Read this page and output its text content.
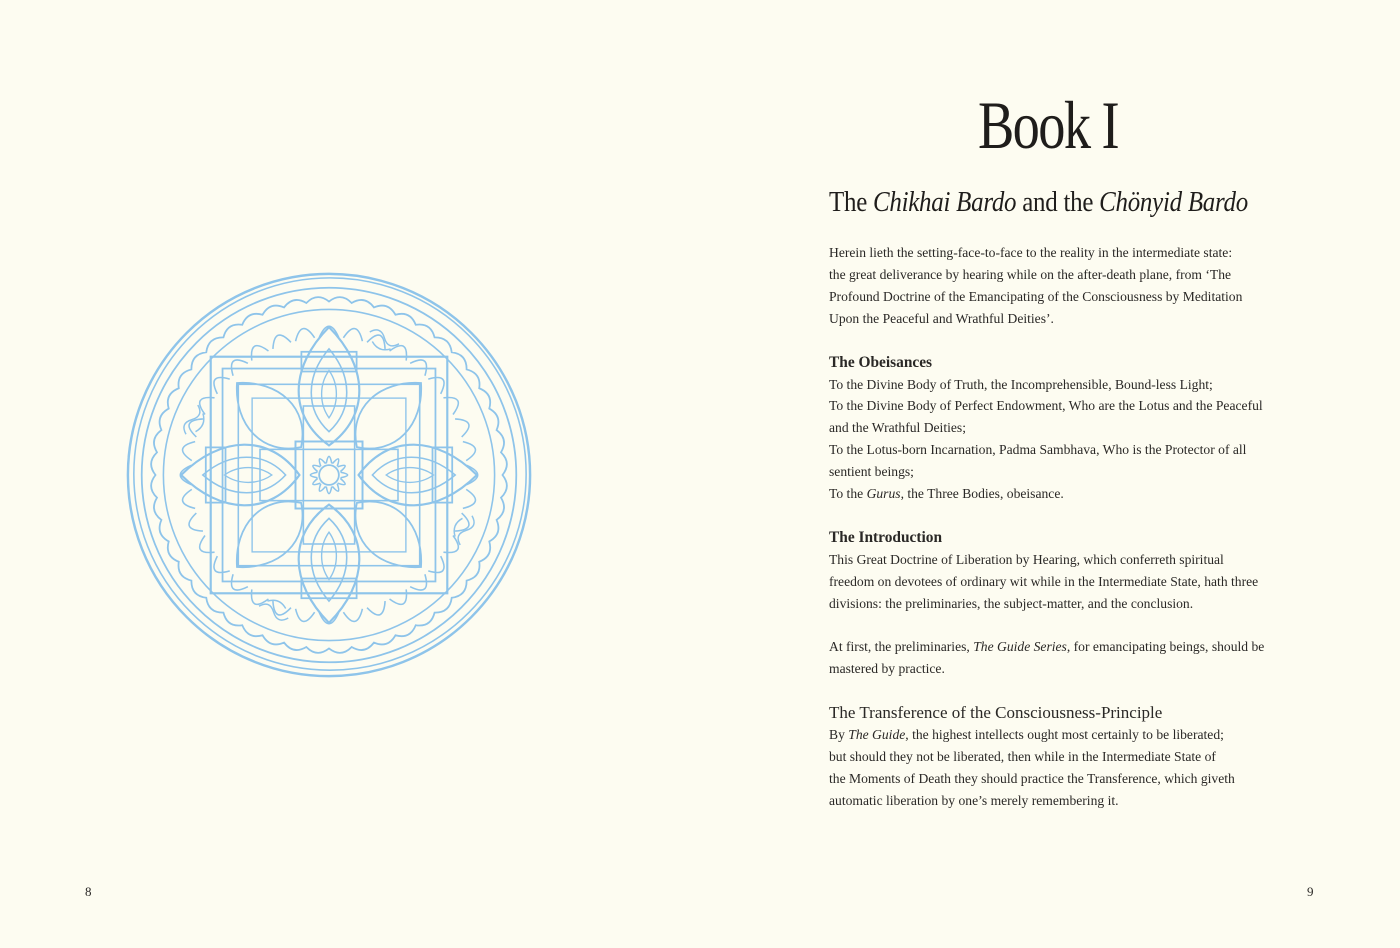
8
Book I
The Chikhai Bardo and the Chönyid Bardo

Herein lieth the setting-face-to-face to the reality in the intermediate state:
the great deliverance by hearing while on the after-death plane, from ‘The
Profound Doctrine of the Emancipating of the Consciousness by Meditation
Upon the Peaceful and Wrathful Deities’.

The Obeisances

To the Divine Body of Truth, the Incomprehensible, Bound-less Light;
To the Divine Body of Perfect Endowment, Who are the Lotus and the Peaceful
and the Wrathful Deities;
To the Lotus-born Incarnation, Padma Sambhava, Who is the Protector of all
sentient beings;
To the Gurus, the Three Bodies, obeisance.

The Introduction

This Great Doctrine of Liberation by Hearing, which conferreth spiritual
freedom on devotees of ordinary wit while in the Intermediate State, hath three
divisions: the preliminaries, the subject-matter, and the conclusion.

At first, the preliminaries, The Guide Series, for emancipating beings, should be
mastered by practice.

The Transference of the Consciousness-Principle

By The Guide, the highest intellects ought most certainly to be liberated;
but should they not be liberated, then while in the Intermediate State of
the Moments of Death they should practice the Transference, which giveth
automatic liberation by one’s merely remembering it.

9
